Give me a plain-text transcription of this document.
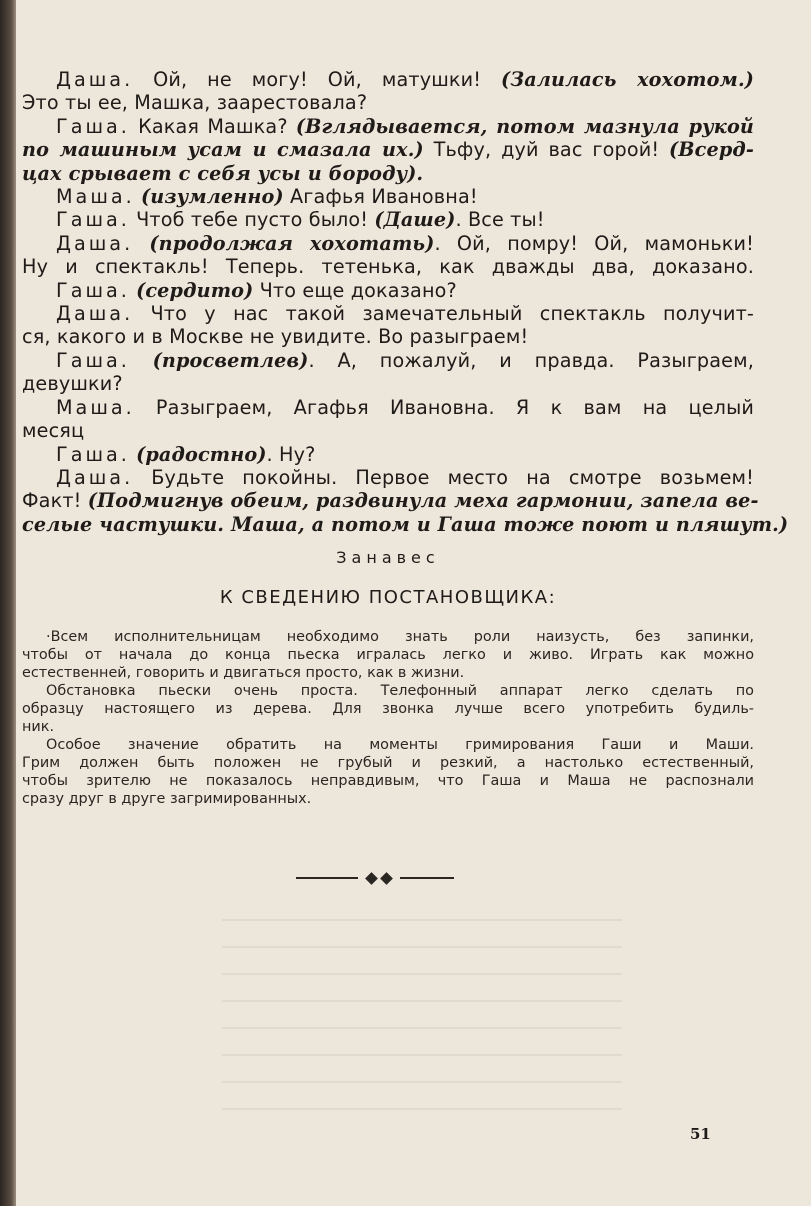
Даша. Ой, не могу! Ой, матушки! (Залилась хохотом.)
Это ты ее, Машка, заарестовала?
Гаша. Какая Машка? (Вглядывается, потом мазнула рукой
по машиным усам и смазала их.) Тьфу, дуй вас горой! (Всерд-
цах срывает с себя усы и бороду).
Маша. (изумленно) Агафья Ивановна!
Гаша. Чтоб тебе пусто было! (Даше). Все ты!
Даша. (продолжая хохотать). Ой, помру! Ой, мамоньки!
Ну и спектакль! Теперь. тетенька, как дважды два, доказано.
Гаша. (сердито) Что еще доказано?
Даша. Что у нас такой замечательный спектакль получит-
ся, какого и в Москве не увидите. Во разыграем!
Гаша. (просветлев). А, пожалуй, и правда. Разыграем,
девушки?
Маша. Разыграем, Агафья Ивановна. Я к вам на целый
месяц
Гаша. (радостно). Ну?
Даша. Будьте покойны. Первое место на смотре возьмем!
Факт! (Подмигнув обеим, раздвинула меха гармонии, запела ве-
селые частушки. Маша, а потом и Гаша тоже поют и пляшут.)
Занавес
К СВЕДЕНИЮ ПОСТАНОВЩИКА:

·Всем исполнительницам необходимо знать роли наизусть, без запинки,
чтобы от начала до конца пьеска игралась легко и живо. Играть как можно
естественней, говорить и двигаться просто, как в жизни.

Обстановка пьески очень проста. Телефонный аппарат легко сделать по
образцу настоящего из дерева. Для звонка лучше всего употребить будиль-
ник.

Особое значение обратить на моменты гримирования Гаши и Маши.
Грим должен быть положен не грубый и резкий, а настолько естественный,
чтобы зрителю не показалось неправдивым, что Гаша и Маша не распознали
сразу друг в друге загримированных.

51
